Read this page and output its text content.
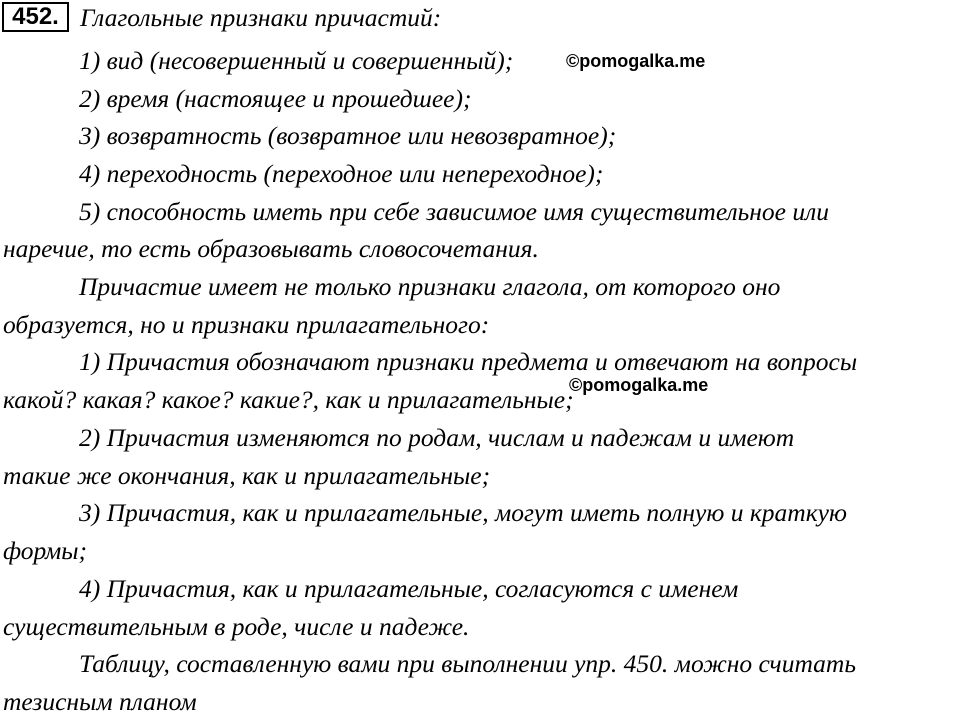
452. Глагольные признаки причастий:
1) вид (несовершенный и совершенный);
2) время (настоящее и прошедшее);
3) возвратность (возвратное или невозвратное);
4) переходность (переходное или непереходное);
5) способность иметь при себе зависимое имя существительное или
наречие, то есть образовывать словосочетания.
Причастие имеет не только признаки глагола, от которого оно
образуется, но и признаки прилагательного:
1) Причастия обозначают признаки предмета и отвечают на вопросы
какой? какая? какое? какие?, как и прилагательные;
2) Причастия изменяются по родам, числам и падежам и имеют
такие же окончания, как и прилагательные;
3) Причастия, как и прилагательные, могут иметь полную и краткую
формы;
4) Причастия, как и прилагательные, согласуются с именем
существительным в роде, числе и падеже.
Таблицу, составленную вами при выполнении упр. 450. можно считать
тезисным планом
©pomogalka.me
©pomogalka.me
